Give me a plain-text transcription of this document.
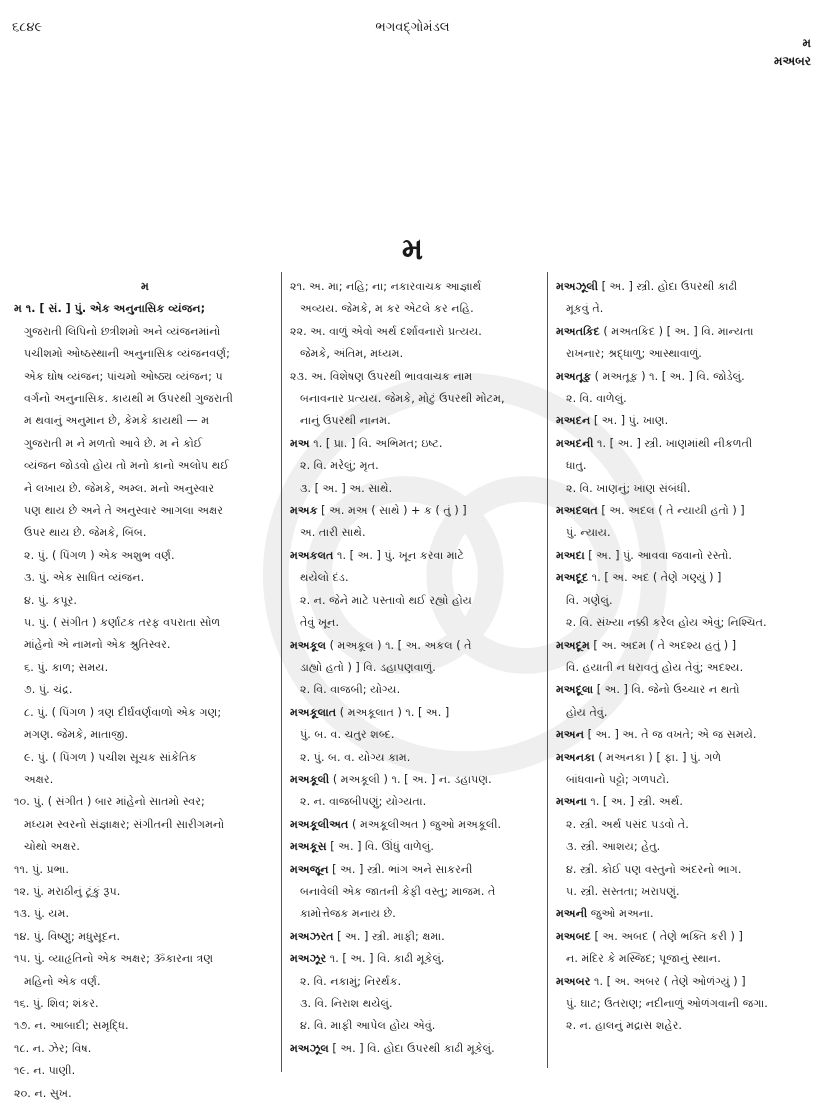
૬૮૪૯	ભગવદ્ગોમંડલ
મ
મઅબર
મ
મ
મ ૧. [ સં. ] પું. એક અનુનાસિક વ્યંજન;
ગુજરાતી લિપિનો છત્રીશમો અને વ્યંજનમાંનો
પચીશમો ઓષ્ઠસ્થાની અનુનાસિક વ્યંજનવર્ણ;
એક ઘોષ વ્યંજન; પાંચમો ઓષ્ઠ્ય વ્યંજન; પ
વર્ગનો અનુનાસિક. કાયથી મ ઉપરથી ગુજરાતી
મ થવાનું અનુમાન છે, કેમકે કાયથી — મ
ગુજરાતી મ ને મળતો આવે છે. મ ને કોઈ
વ્યંજન જોડવો હોય તો મનો કાનો અલોપ થઈ
ને લખાય છે. જેમકે, અમ્લ. મનો અનુસ્વાર
પણ થાય છે અને તે અનુસ્વાર આગલા અક્ષર
ઉપર થાય છે. જેમકે, બિંબ.
૨. પું. ( પિંગળ ) એક અશુભ વર્ણ.
૩. પું. એક સાધિત વ્યંજન.
૪. પું. કપૂર.
૫. પું. ( સંગીત ) કર્ણાટક તરફ વપરાતા સોળ
માંહેનો એ નામનો એક શ્રુતિસ્વર.
૬. પું. કાળ; સમય.
૭. પું. ચંદ્ર.
૮. પું. ( પિંગળ ) ત્રણ દીર્ઘવર્ણવાળો એક ગણ;
મગણ. જેમકે, માતાજી.
૯. પું. ( પિંગળ ) પચીશ સૂચક સાંકેતિક
અક્ષર.
૧૦. પું. ( સંગીત ) બાર માંહેનો સાતમો સ્વર;
મધ્યમ સ્વરનો સંજ્ઞાક્ષર; સંગીતની સારીગમનો
ચોથો અક્ષર.
૧૧. પું. પ્રભા.
૧૨. પું. મરાઠીનું ટૂંકું રૂપ.
૧૩. પું. યમ.
૧૪. પું. વિષ્ણુ; મધુસૂદન.
૧૫. પું. વ્યાહૃતિનો એક અક્ષર; ૐકારના ત્રણ
મહિનો એક વર્ણ.
૧૬. પું. શિવ; શંકર.
૧૭. ન. આબાદી; સમૃદ્ધિ.
૧૮. ન. ઝેર; વિષ.
૧૯. ન. પાણી.
૨૦. ન. સુખ.
૨૧. અ. મા; નહિ; ના; નકારવાચક આજ્ઞાર્થ
અવ્યય. જેમકે, મ કર એટલે કર નહિ.
૨૨. અ. વાળું એવો અર્થ દર્શાવનારો પ્રત્યય.
જેમકે, અંતિમ, મધ્યમ.
૨૩. અ. વિશેષણ ઉપરથી ભાવવાચક નામ
બનાવનાર પ્રત્યય. જેમકે, મોટું ઉપરથી મોટમ,
નાનું ઉપરથી નાનમ.
મઅ ૧. [ પ્રા. ] વિ. અભિમત; ઇષ્ટ.
૨. વિ. મરેલું; મૃત.
૩. [ અ. ] અ. સાથે.
મઅક [ અ. મઅ ( સાથે ) + ક ( તું ) ]
અ. તારી સાથે.
મઅકલત ૧. [ અ. ] પું. ખૂન કરવા માટે
થયેલો દંડ.
૨. ન. જેને માટે પસ્તાવો થઈ રહ્યો હોય
તેવું ખૂન.
મઅકૂલ ( મઅકૂલ ) ૧. [ અ. અકલ ( તે
ડાહ્યો હતો ) ] વિ. ડહાપણવાળું.
૨. વિ. વાજબી; યોગ્ય.
મઅકૂલાત ( મઅકૂલાત ) ૧. [ અ. ]
પું. બ. વ. ચતુર શબ્દ.
૨. પું. બ. વ. યોગ્ય કામ.
મઅકૂલી ( મઅકૂલી ) ૧. [ અ. ] ન. ડહાપણ.
૨. ન. વાજબીપણું; યોગ્યતા.
મઅકૂલીઅત ( મઅકૂલીઅત ) જુઓ મઅકૂલી.
મઅકૂસ [ અ. ] વિ. ઊંધું વાળેલું.
મઅજૂન [ અ. ] સ્ત્રી. ભાંગ અને સાકરની
બનાવેલી એક જાતની કેફી વસ્તુ; માજમ. તે
કામોત્તેજક મનાય છે.
મઅઝરત [ અ. ] સ્ત્રી. માફી; ક્ષમા.
મઅઝૂર ૧. [ અ. ] વિ. કાઢી મૂકેલું.
૨. વિ. નકામું; નિરર્થક.
૩. વિ. નિરાશ થયેલું.
૪. વિ. માફી આપેલ હોય એવું.
મઅઝૂલ [ અ. ] વિ. હોદા ઉપરથી કાઢી મૂકેલું.
મઅઝૂલી [ અ. ] સ્ત્રી. હોદા ઉપરથી કાઢી
મૂકવું તે.
મઅતકિદ ( મઅતકિદ ) [ અ. ] વિ. માન્યતા
રાખનાર; શ્રદ્ધાળુ; આસ્થાવાળું.
મઅતૂફ ( મઅતૂફ ) ૧. [ અ. ] વિ. જોડેલું.
૨. વિ. વાળેલું.
મઅદન [ અ. ] પું. ખાણ.
મઅદની ૧. [ અ. ] સ્ત્રી. ખાણમાંથી નીકળતી
ધાતુ.
૨. વિ. ખાણનું; ખાણ સંબંધી.
મઅદલત [ અ. અદલ ( તે ન્યાયી હતો ) ]
પું. ન્યાય.
મઅદા [ અ. ] પું. આવવા જવાનો રસ્તો.
મઅદૂદ ૧. [ અ. અદ ( તેણે ગણ્યું ) ]
વિ. ગણેલું.
૨. વિ. સંખ્યા નક્કી કરેલ હોય એવું; નિશ્ચિત.
મઅદૂમ [ અ. અદમ ( તે અદશ્ય હતું ) ]
વિ. હયાતી ન ધરાવતું હોય તેવું; અદશ્ય.
મઅદૂલા [ અ. ] વિ. જેનો ઉચ્ચાર ન થતો
હોય તેવું.
મઅન [ અ. ] અ. તે જ વખતે; એ જ સમયે.
મઅનકા ( મઅનકા ) [ ફા. ] પું. ગળે
બાંધવાનો પટ્ટો; ગળપટો.
મઅના ૧. [ અ. ] સ્ત્રી. અર્થ.
૨. સ્ત્રી. અર્થ પસંદ પડવો તે.
૩. સ્ત્રી. આશય; હેતુ.
૪. સ્ત્રી. કોઈ પણ વસ્તુનો અંદરનો ભાગ.
૫. સ્ત્રી. સસ્તતા; ખરાપણું.
મઅની જુઓ મઅના.
મઅબદ [ અ. અબદ ( તેણે ભક્તિ કરી ) ]
ન. મંદિર કે મસ્જિદ; પૂજાનું સ્થાન.
મઅબર ૧. [ અ. અબર ( તેણે ઓળંગ્યું ) ]
પું. ઘાટ; ઉતરાણ; નદીનાળું ઓળંગવાની જગા.
૨. ન. હાલનું મદ્રાસ શહેર.
